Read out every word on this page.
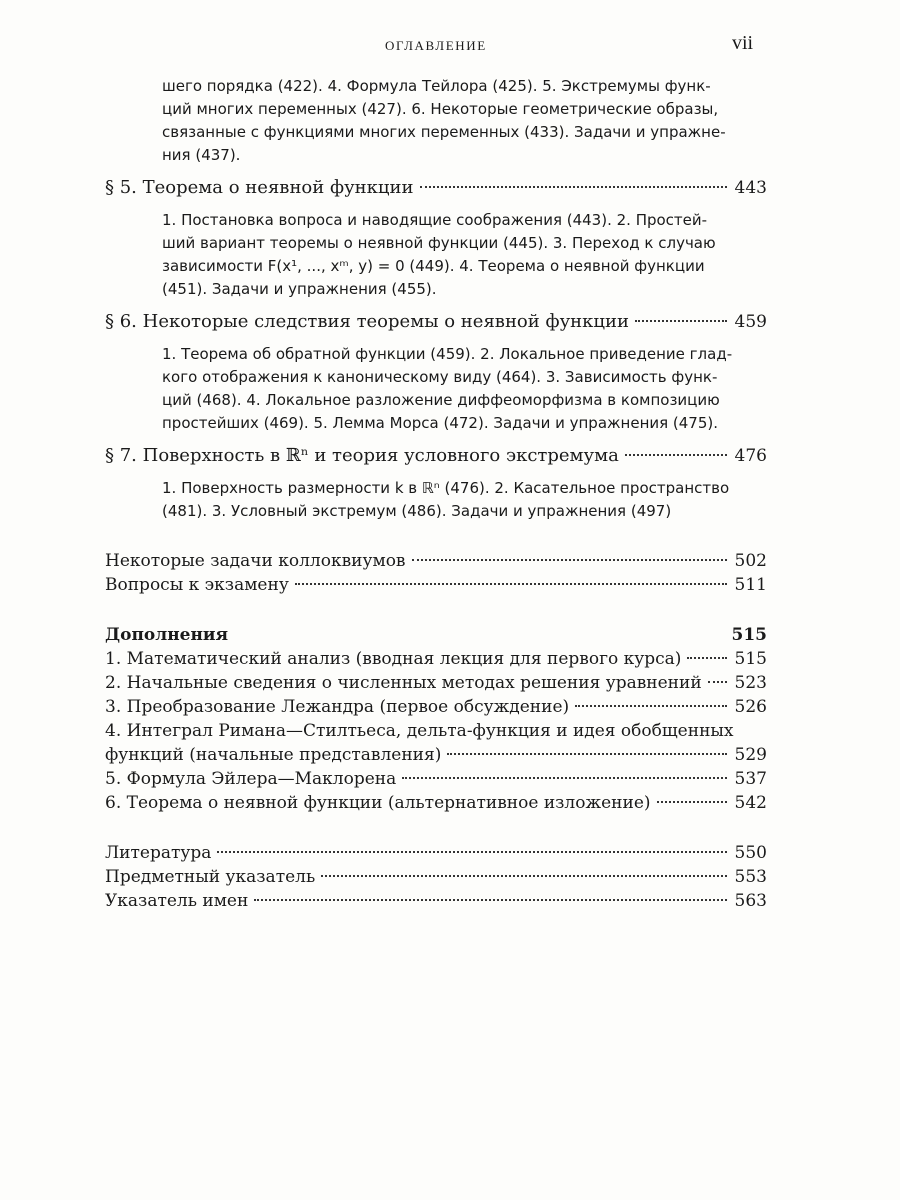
ОГЛАВЛЕНИЕ	vii
шего порядка (422). 4. Формула Тейлора (425). 5. Экстремумы функ-
ций многих переменных (427). 6. Некоторые геометрические образы,
связанные с функциями многих переменных (433). Задачи и упражне-
ния (437).
§ 5. Теорема о неявной функции	443
1. Постановка вопроса и наводящие соображения (443). 2. Простей-
ший вариант теоремы о неявной функции (445). 3. Переход к случаю
зависимости F(x¹, ..., xᵐ, y) = 0 (449). 4. Теорема о неявной функции
(451). Задачи и упражнения (455).
§ 6. Некоторые следствия теоремы о неявной функции	459
1. Теорема об обратной функции (459). 2. Локальное приведение глад-
кого отображения к каноническому виду (464). 3. Зависимость функ-
ций (468). 4. Локальное разложение диффеоморфизма в композицию
простейших (469). 5. Лемма Морса (472). Задачи и упражнения (475).
§ 7. Поверхность в ℝⁿ и теория условного экстремума	476
1. Поверхность размерности k в ℝⁿ (476). 2. Касательное пространство
(481). 3. Условный экстремум (486). Задачи и упражнения (497)
Некоторые задачи коллоквиумов	502
Вопросы к экзамену	511
Дополнения	515
1. Математический анализ (вводная лекция для первого курса)	515
2. Начальные сведения о численных методах решения уравнений 523
3. Преобразование Лежандра (первое обсуждение)	526
4. Интеграл Римана—Стилтьеса, дельта-функция и идея обобщенных
функций (начальные представления)	529
5. Формула Эйлера—Маклорена	537
6. Теорема о неявной функции (альтернативное изложение)	542
Литература	550
Предметный указатель	553
Указатель имен	563
